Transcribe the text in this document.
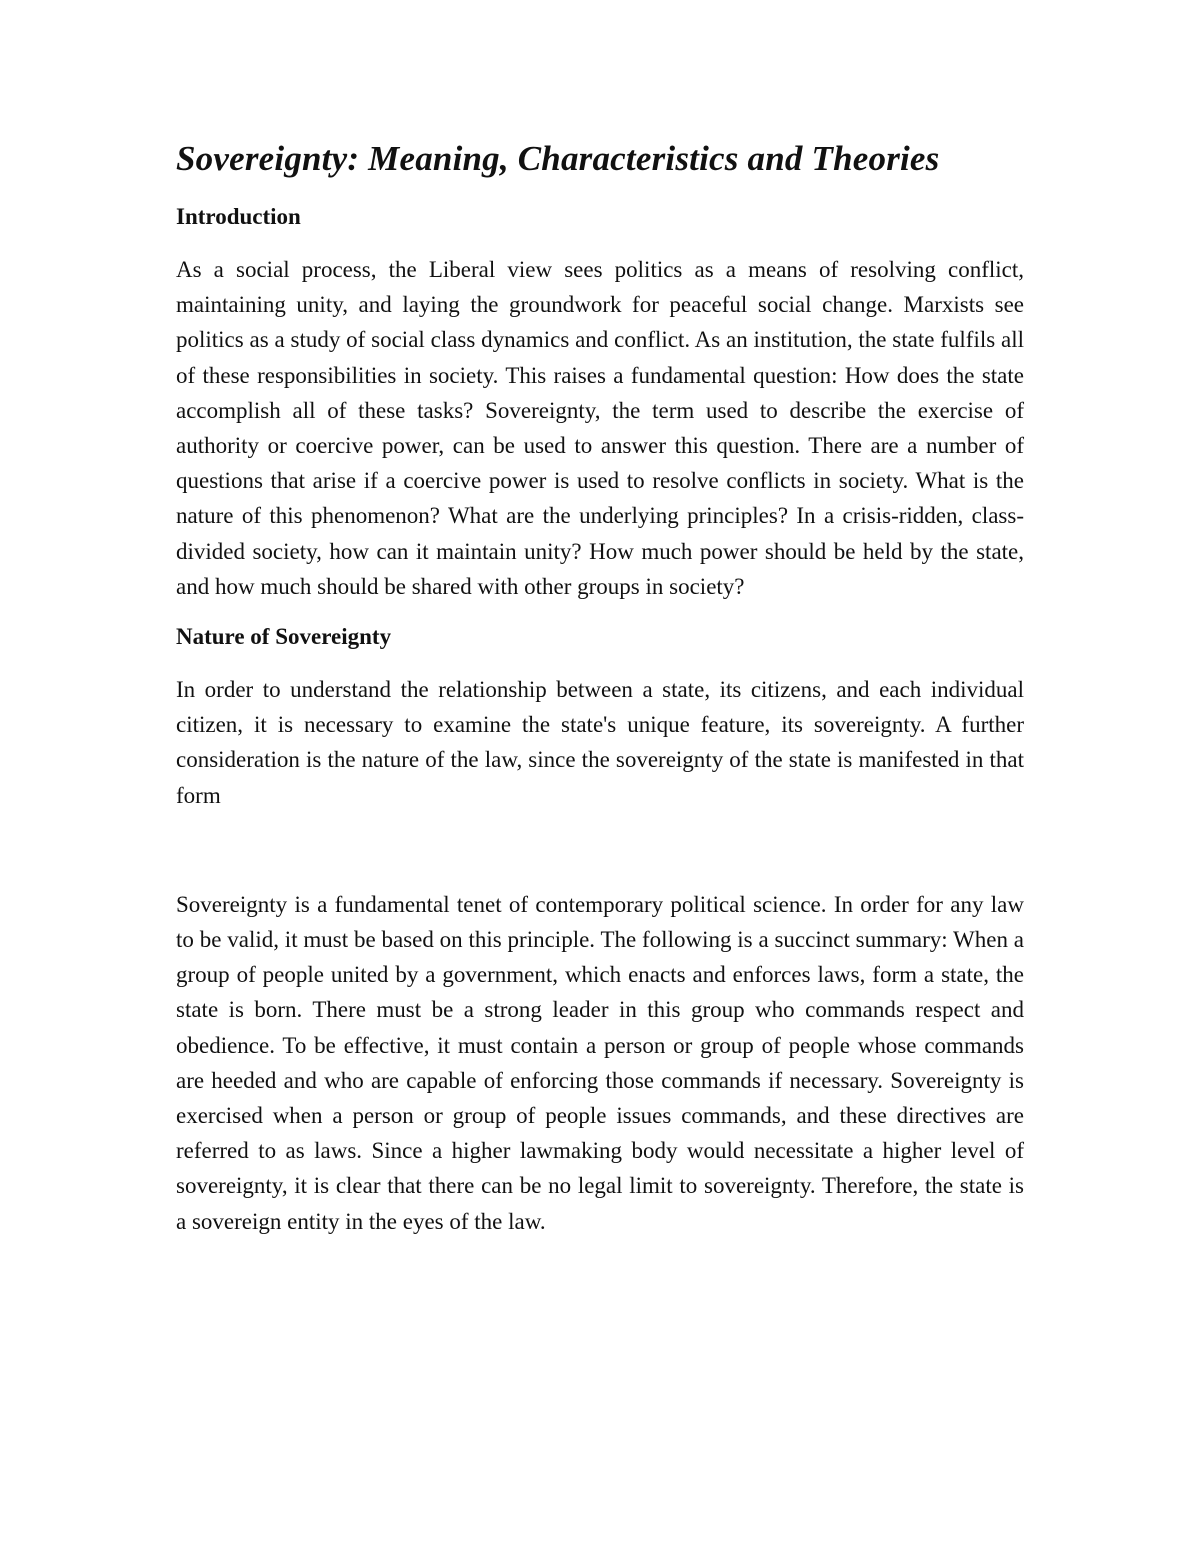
Sovereignty: Meaning, Characteristics and Theories
Introduction

As a social process, the Liberal view sees politics as a means of resolving conflict, maintaining unity, and laying the groundwork for peaceful social change. Marxists see politics as a study of social class dynamics and conflict. As an institution, the state fulfils all of these responsibilities in society. This raises a fundamental question: How does the state accomplish all of these tasks? Sovereignty, the term used to describe the exercise of authority or coercive power, can be used to answer this question. There are a number of questions that arise if a coercive power is used to resolve conflicts in society. What is the nature of this phenomenon? What are the underlying principles? In a crisis-ridden, class-divided society, how can it maintain unity? How much power should be held by the state, and how much should be shared with other groups in society?

Nature of Sovereignty

In order to understand the relationship between a state, its citizens, and each individual citizen, it is necessary to examine the state's unique feature, its sovereignty. A further consideration is the nature of the law, since the sovereignty of the state is manifested in that form

Sovereignty is a fundamental tenet of contemporary political science. In order for any law to be valid, it must be based on this principle. The following is a succinct summary: When a group of people united by a government, which enacts and enforces laws, form a state, the state is born. There must be a strong leader in this group who commands respect and obedience. To be effective, it must contain a person or group of people whose commands are heeded and who are capable of enforcing those commands if necessary. Sovereignty is exercised when a person or group of people issues commands, and these directives are referred to as laws. Since a higher lawmaking body would necessitate a higher level of sovereignty, it is clear that there can be no legal limit to sovereignty. Therefore, the state is a sovereign entity in the eyes of the law.
